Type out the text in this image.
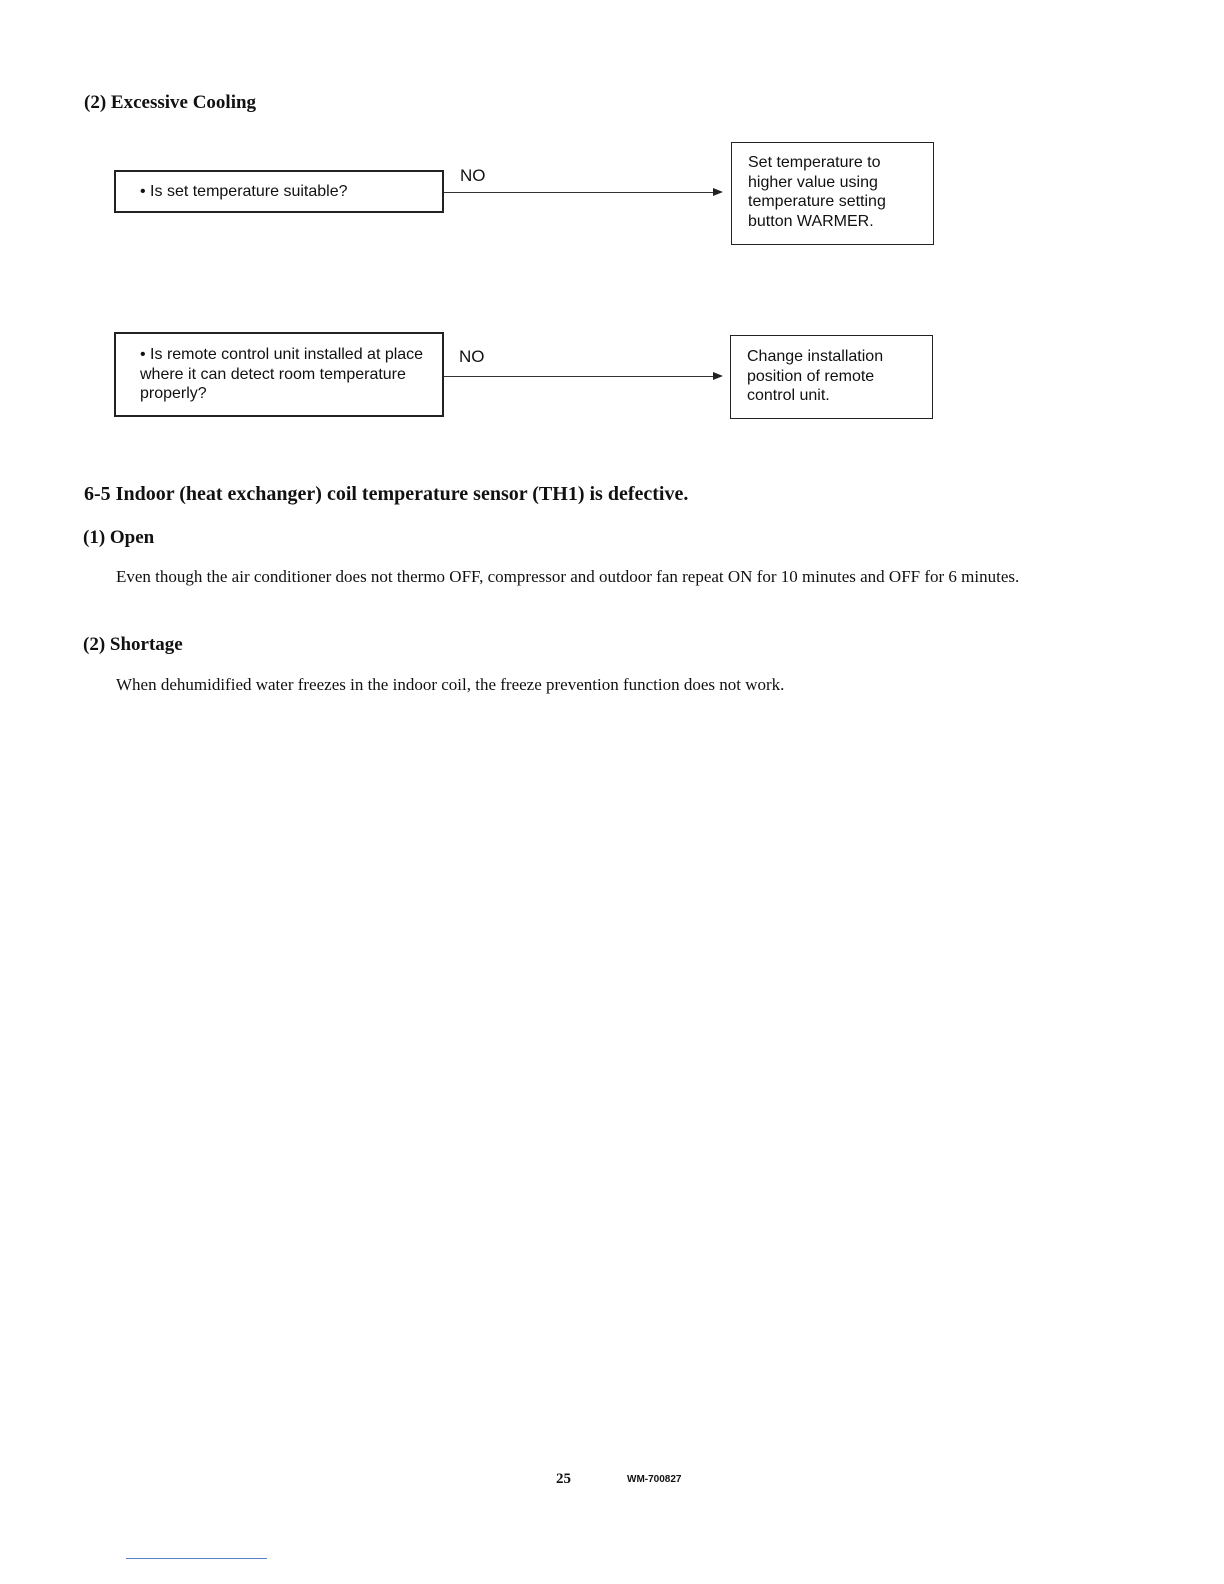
(2) Excessive Cooling
• Is set temperature suitable?
NO
Set temperature to higher value using temperature setting button WARMER.
• Is remote control unit installed at place where it can detect room temperature properly?
NO	Change installation position of remote control unit.
6-5 Indoor (heat exchanger) coil temperature sensor (TH1) is defective.
(1) Open
Even though the air conditioner does not thermo OFF, compressor and outdoor fan repeat ON for 10 minutes and OFF for 6 minutes.
(2) Shortage
When dehumidified water freezes in the indoor coil, the freeze prevention function does not work.
25	WM-700827
